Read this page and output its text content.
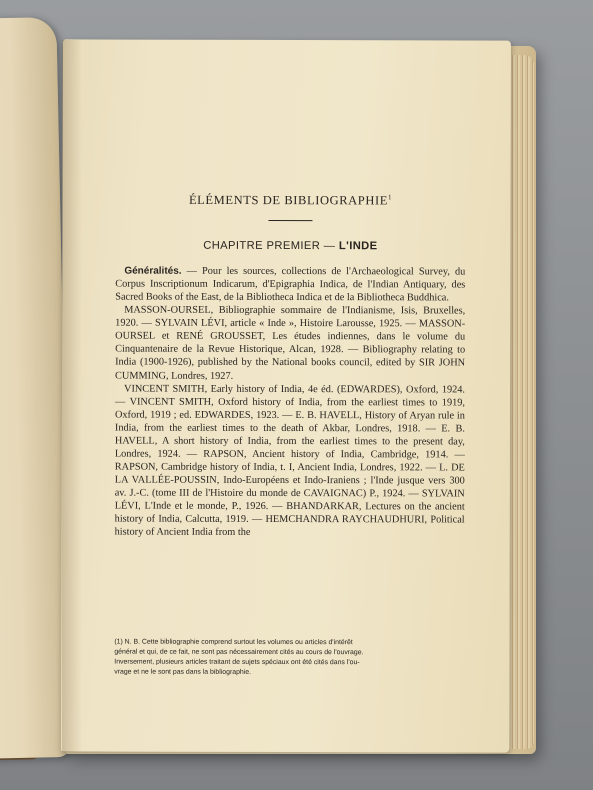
ÉLÉMENTS DE BIBLIOGRAPHIE$^1$
CHAPITRE PREMIER — L'INDE

Généralités. — Pour les sources, collections de l'Archaeological Survey, du Corpus Inscriptionum Indicarum, d'Epigraphia Indica, de l'Indian Antiquary, des Sacred Books of the East, de la Bibliotheca Indica et de la Bibliotheca Buddhica.

MASSON-OURSEL, Bibliographie sommaire de l'Indianisme, Isis, Bruxelles, 1920. — SYLVAIN LÉVI, article « Inde », Histoire Larousse, 1925. — MASSON-OURSEL et RENÉ GROUSSET, Les études indiennes, dans le volume du Cinquantenaire de la Revue Historique, Alcan, 1928. — Bibliography relating to India (1900-1926), published by the National books council, edited by SIR JOHN CUMMING, Londres, 1927.

VINCENT SMITH, Early history of India, 4e éd. (EDWARDES), Oxford, 1924. — VINCENT SMITH, Oxford history of India, from the earliest times to 1919, Oxford, 1919 ; ed. EDWARDES, 1923. — E. B. HAVELL, History of Aryan rule in India, from the earliest times to the death of Akbar, Londres, 1918. — E. B. HAVELL, A short history of India, from the earliest times to the present day, Londres, 1924. — RAPSON, Ancient history of India, Cambridge, 1914. — RAPSON, Cambridge history of India, t. I, Ancient India, Londres, 1922. — L. DE LA VALLÉE-POUSSIN, Indo-Européens et Indo-Iraniens ; l'Inde jusque vers 300 av. J.-C. (tome III de l'Histoire du monde de CAVAIGNAC) P., 1924. — SYLVAIN LÉVI, L'Inde et le monde, P., 1926. — BHANDARKAR, Lectures on the ancient history of India, Calcutta, 1919. — HEMCHANDRA RAYCHAUDHURI, Political history of Ancient India from the

(1) N. B. Cette bibliographie comprend surtout les volumes ou articles d'intérêt
général et qui, de ce fait, ne sont pas nécessairement cités au cours de l'ouvrage.
Inversement, plusieurs articles traitant de sujets spéciaux ont été cités dans l'ou-
vrage et ne le sont pas dans la bibliographie.
